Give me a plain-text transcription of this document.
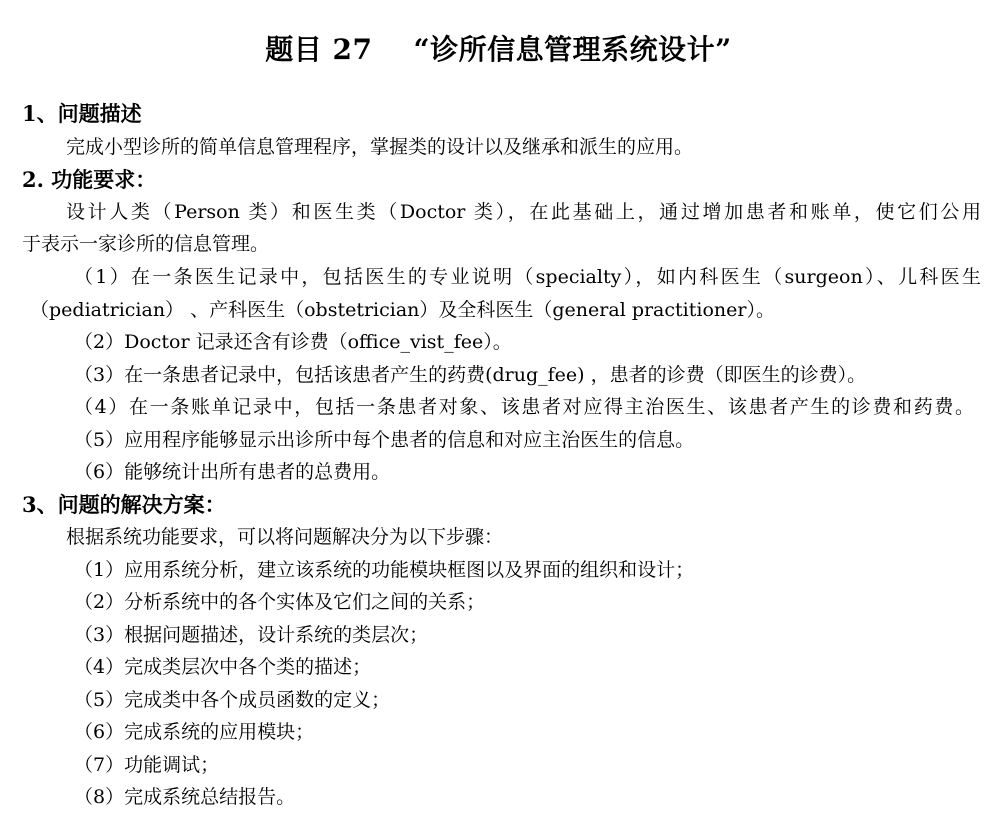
题目 27    “诊所信息管理系统设计”
1、问题描述
完成小型诊所的简单信息管理程序，掌握类的设计以及继承和派生的应用。
2. 功能要求：
设计人类（Person 类）和医生类（Doctor 类），在此基础上，通过增加患者和账单，使它们公用
于表示一家诊所的信息管理。
（1）在一条医生记录中，包括医生的专业说明（specialty），如内科医生（surgeon）、儿科医生
（pediatrician） 、产科医生（obstetrician）及全科医生（general practitioner）。
（2）Doctor 记录还含有诊费（office_vist_fee）。
（3）在一条患者记录中，包括该患者产生的药费(drug_fee) ，患者的诊费（即医生的诊费）。
（4）在一条账单记录中，包括一条患者对象、该患者对应得主治医生、该患者产生的诊费和药费。
（5）应用程序能够显示出诊所中每个患者的信息和对应主治医生的信息。
（6）能够统计出所有患者的总费用。
3、问题的解决方案：
根据系统功能要求，可以将问题解决分为以下步骤：
（1）应用系统分析，建立该系统的功能模块框图以及界面的组织和设计；
（2）分析系统中的各个实体及它们之间的关系；
（3）根据问题描述，设计系统的类层次；
（4）完成类层次中各个类的描述；
（5）完成类中各个成员函数的定义；
（6）完成系统的应用模块；
（7）功能调试；
（8）完成系统总结报告。
